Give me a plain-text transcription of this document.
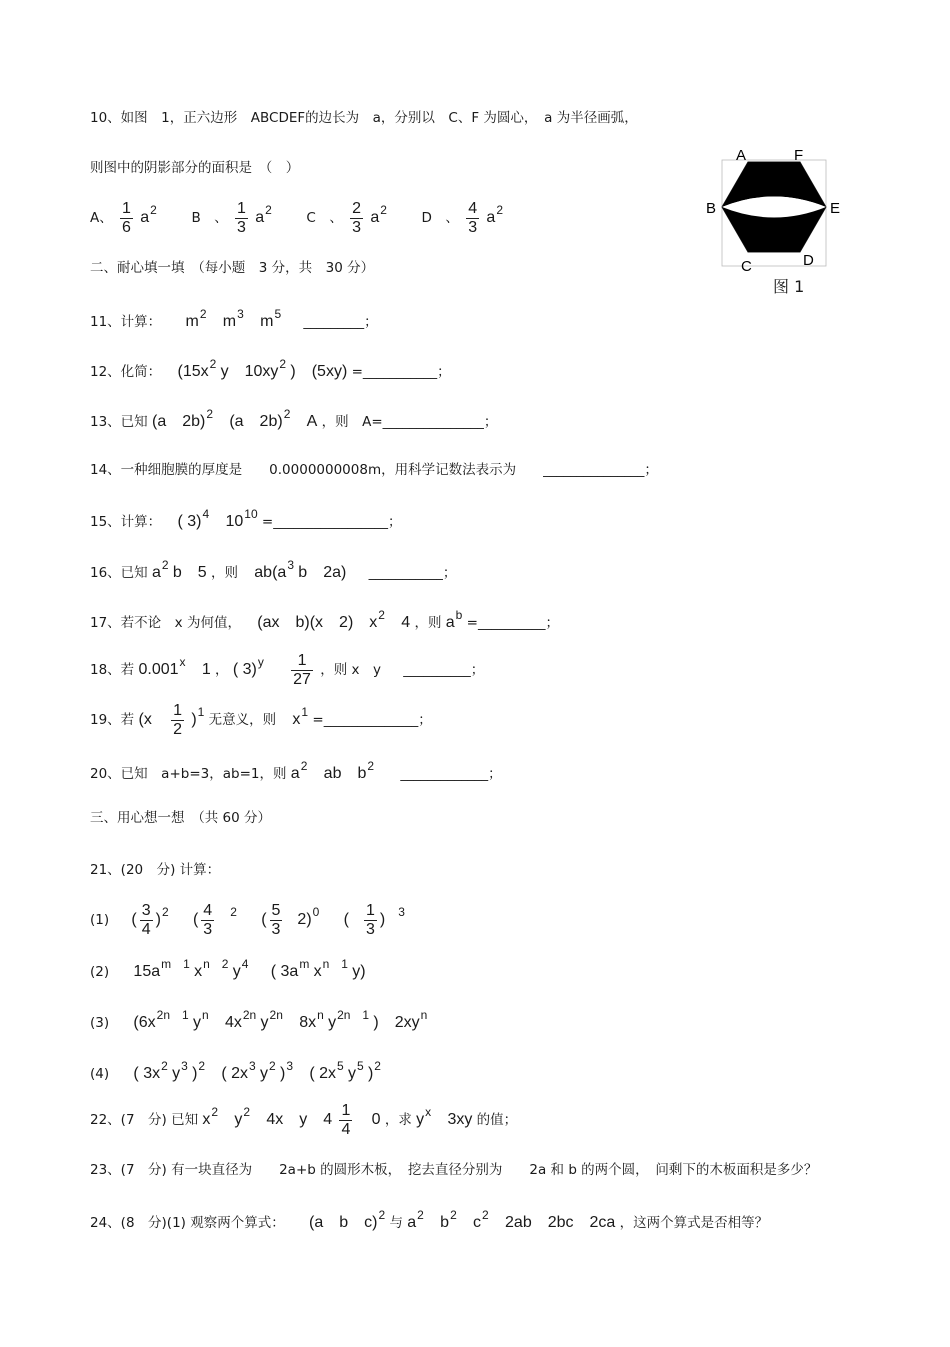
10、如图　1，正六边形　ABCDEF的边长为　a，分别以　C、F 为圆心，　a 为半径画弧，
则图中的阴影部分的面积是　（　）
A、 $\frac{1}{6} a2$	B　、 $\frac{1}{3} a2$	C　、 $\frac{2}{3} a2$	D　、 $\frac{4}{3} a2$
A	F
B	E
C	D
图 1
二、耐心填一填　（每小题　3 分，共　30 分）
11、计算： m2 m3 m5 _________；
12、化简： (15x2 y　10xy2 )　(5xy) =___________；
13、已知 (a　2b)2 (a　2b)2 A ，则　A=_______________；
14、一种细胞膜的厚度是　　0.0000000008m，用科学记数法表示为　　_______________；
15、计算： ( 3)4 1010 =_________________；
16、已知 a2 b　5 ，则 ab(a3 b　2a) ___________；
17、若不论　x 为何值， (ax　b)(x　2)　x2 4 ，则 ab =__________；
18、若 0.001x 1 ， ( $3)y \frac{1}{27}$ ，则 x　y __________；
19、若 $(x \frac{1}{2} )1$ 无意义，则 x1 =______________；
20、已知　a+b=3，ab=1，则 a2 ab　b2 _____________；
三、用心想一想　（共 60 分）
21、(20　分) 计算：
(1) ( $\frac{3}{4} )2$ ( $\frac{4}{3} 2$ ( $\frac{5}{3} 2)0$ ( $\frac{1}{3}$ ) 3
(2) 15am　1 xn　2 y4 ( 3am xn　1 y)
(3) (6x2n　1 yn 4x2n y2n 8xn y2n　1 )　2xyn
(4) ( 3x2 y3 )2 ( 2x3 y2 )3 ( 2x5 y5 )2
22、(7　分) 已知 x2 y2 4x　y　$4 \frac{1}{4} 0$ ，求 yx 3xy 的值；
23、(7　分) 有一块直径为　　2a+b 的圆形木板，　挖去直径分别为　　2a 和 b 的两个圆，　问剩下的木板面积是多少？
24、(8　分)(1) 观察两个算式： (a　b　c)2 与 a2 b2 c2 2ab　2bc　2ca ，这两个算式是否相等？
